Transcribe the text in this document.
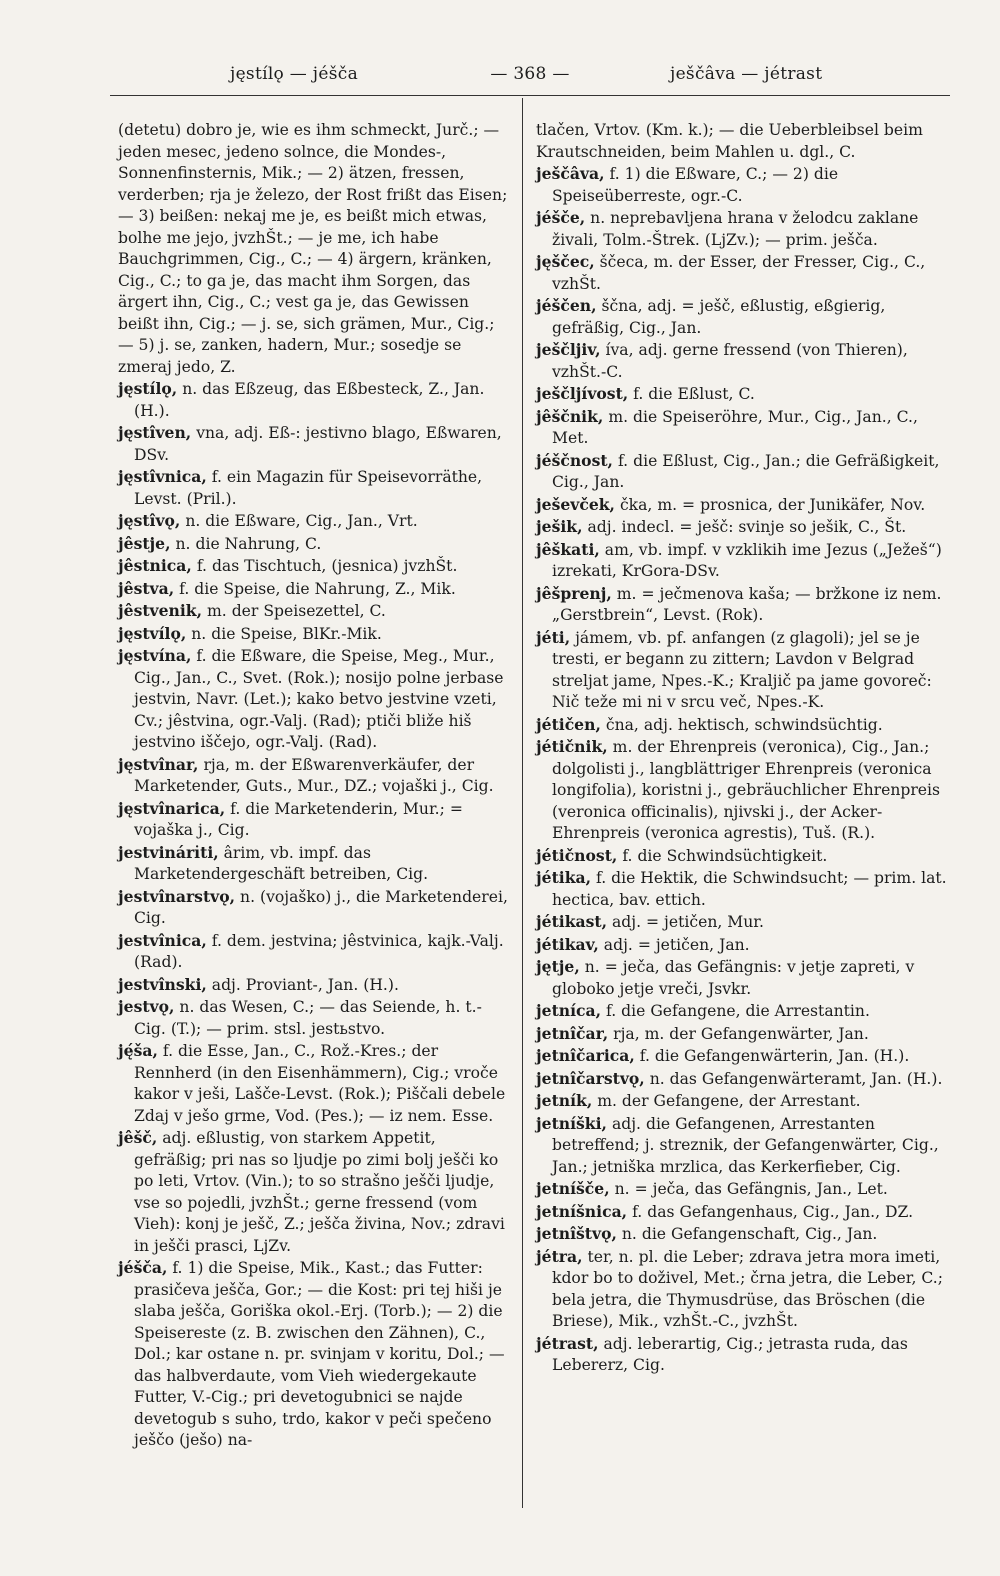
jęstílǫ — jéšča	— 368 —	ješčâva — jétrast

(detetu) dobro je, wie es ihm schmeckt, Jurč.; — jeden mesec, jedeno solnce, die Mondes-, Sonnenfinsternis, Mik.; — 2) ätzen, fressen, verderben; rja je železo, der Rost frißt das Eisen; — 3) beißen: nekaj me je, es beißt mich etwas, bolhe me jejo, jvzhŠt.; — je me, ich habe Bauchgrimmen, Cig., C.; — 4) ärgern, kränken, Cig., C.; to ga je, das macht ihm Sorgen, das ärgert ihn, Cig., C.; vest ga je, das Gewissen beißt ihn, Cig.; — j. se, sich grämen, Mur., Cig.; — 5) j. se, zanken, hadern, Mur.; sosedje se zmeraj jedo, Z.

jęstílǫ, n. das Eßzeug, das Eßbesteck, Z., Jan. (H.).

jęstîven, vna, adj. Eß-: jestivno blago, Eßwaren, DSv.

jęstîvnica, f. ein Magazin für Speisevorräthe, Levst. (Pril.).

jęstîvǫ, n. die Eßware, Cig., Jan., Vrt.

jêstje, n. die Nahrung, C.

jêstnica, f. das Tischtuch, (jesnica) jvzhŠt.

jêstva, f. die Speise, die Nahrung, Z., Mik.

jêstvenik, m. der Speisezettel, C.

jęstvílǫ, n. die Speise, BlKr.-Mik.

jęstvína, f. die Eßware, die Speise, Meg., Mur., Cig., Jan., C., Svet. (Rok.); nosijo polne jerbase jestvin, Navr. (Let.); kako betvo jestvine vzeti, Cv.; jêstvina, ogr.-Valj. (Rad); ptiči bliže hiš jestvino iščejo, ogr.-Valj. (Rad).

jęstvînar, rja, m. der Eßwarenverkäufer, der Marketender, Guts., Mur., DZ.; vojaški j., Cig.

jęstvînarica, f. die Marketenderin, Mur.; = vojaška j., Cig.

jestvinári̇ti, ârim, vb. impf. das Marketendergeschäft betreiben, Cig.

jestvînarstvǫ, n. (vojaško) j., die Marketenderei, Cig.

jestvînica, f. dem. jestvina; jêstvinica, kajk.-Valj. (Rad).

jestvînski, adj. Proviant-, Jan. (H.).

jestvǫ, n. das Wesen, C.; — das Seiende, h. t.-Cig. (T.); — prim. stsl. jestьstvo.

ję́ša, f. die Esse, Jan., C., Rož.-Kres.; der Rennherd (in den Eisenhämmern), Cig.; vroče kakor v ješi, Lašče-Levst. (Rok.); Piščali debele Zdaj v ješo grme, Vod. (Pes.); — iz nem. Esse.

jêšč, adj. eßlustig, von starkem Appetit, gefräßig; pri nas so ljudje po zimi bolj ješči ko po leti, Vrtov. (Vin.); to so strašno ješči ljudje, vse so pojedli, jvzhŠt.; gerne fressend (vom Vieh): konj je ješč, Z.; ješča živina, Nov.; zdravi in ješči prasci, LjZv.

jéšča, f. 1) die Speise, Mik., Kast.; das Futter: prasičeva ješča, Gor.; — die Kost: pri tej hiši je slaba ješča, Goriška okol.-Erj. (Torb.); — 2) die Speisereste (z. B. zwischen den Zähnen), C., Dol.; kar ostane n. pr. svinjam v koritu, Dol.; — das halbverdaute, vom Vieh wiedergekaute Futter, V.-Cig.; pri devetogubnici se najde devetogub s suho, trdo, kakor v peči spečeno ješčo (ješo) na-

tlačen, Vrtov. (Km. k.); — die Ueberbleibsel beim Krautschneiden, beim Mahlen u. dgl., C.

ješčâva, f. 1) die Eßware, C.; — 2) die Speiseüberreste, ogr.-C.

jéšče, n. neprebavljena hrana v želodcu zaklane živali, Tolm.-Štrek. (LjZv.); — prim. ješča.

jęščec, ščeca, m. der Esser, der Fresser, Cig., C., vzhŠt.

jéščen, ščna, adj. = ješč, eßlustig, eßgierig, gefräßig, Cig., Jan.

ješčljiv, íva, adj. gerne fressend (von Thieren), vzhŠt.-C.

ješčljívost, f. die Eßlust, C.

jêščnik, m. die Speiseröhre, Mur., Cig., Jan., C., Met.

jéščnost, f. die Eßlust, Cig., Jan.; die Gefräßigkeit, Cig., Jan.

ješevček, čka, m. = prosnica, der Junikäfer, Nov.

ješik, adj. indecl. = ješč: svinje so ješik, C., Št.

jêškati, am, vb. impf. v vzklikih ime Jezus („Ježeš“) izrekati, KrGora-DSv.

jêšprenj, m. = ječmenova kaša; — bržkone iz nem. „Gerstbrein“, Levst. (Rok).

jéti, jámem, vb. pf. anfangen (z glagoli); jel se je tresti, er begann zu zittern; Lavdon v Belgrad streljat jame, Npes.-K.; Kraljič pa jame govoreč: Nič teže mi ni v srcu več, Npes.-K.

jétičen, čna, adj. hektisch, schwindsüchtig.

jétičnik, m. der Ehrenpreis (veronica), Cig., Jan.; dolgolisti j., langblättriger Ehrenpreis (veronica longifolia), koristni j., gebräuchlicher Ehrenpreis (veronica officinalis), njivski j., der Acker-Ehrenpreis (veronica agrestis), Tuš. (R.).

jétičnost, f. die Schwindsüchtigkeit.

jétika, f. die Hektik, die Schwindsucht; — prim. lat. hectica, bav. ettich.

jétikast, adj. = jetičen, Mur.

jétikav, adj. = jetičen, Jan.

jętje, n. = ječa, das Gefängnis: v jetje zapreti, v globoko jetje vreči, Jsvkr.

jetníca, f. die Gefangene, die Arrestantin.

jetnîčar, rja, m. der Gefangenwärter, Jan.

jetnîčarica, f. die Gefangenwärterin, Jan. (H.).

jetnîčarstvǫ, n. das Gefangenwärteramt, Jan. (H.).

jetník, m. der Gefangene, der Arrestant.

jetníški, adj. die Gefangenen, Arrestanten betreffend; j. streznik, der Gefangenwärter, Cig., Jan.; jetniška mrzlica, das Kerkerfieber, Cig.

jetníšče, n. = ječa, das Gefängnis, Jan., Let.

jetníšnica, f. das Gefangenhaus, Cig., Jan., DZ.

jetnîštvǫ, n. die Gefangenschaft, Cig., Jan.

jétra, ter, n. pl. die Leber; zdrava jetra mora imeti, kdor bo to doživel, Met.; črna jetra, die Leber, C.; bela jetra, die Thymusdrüse, das Bröschen (die Briese), Mik., vzhŠt.-C., jvzhŠt.

jétrast, adj. leberartig, Cig.; jetrasta ruda, das Lebererz, Cig.
